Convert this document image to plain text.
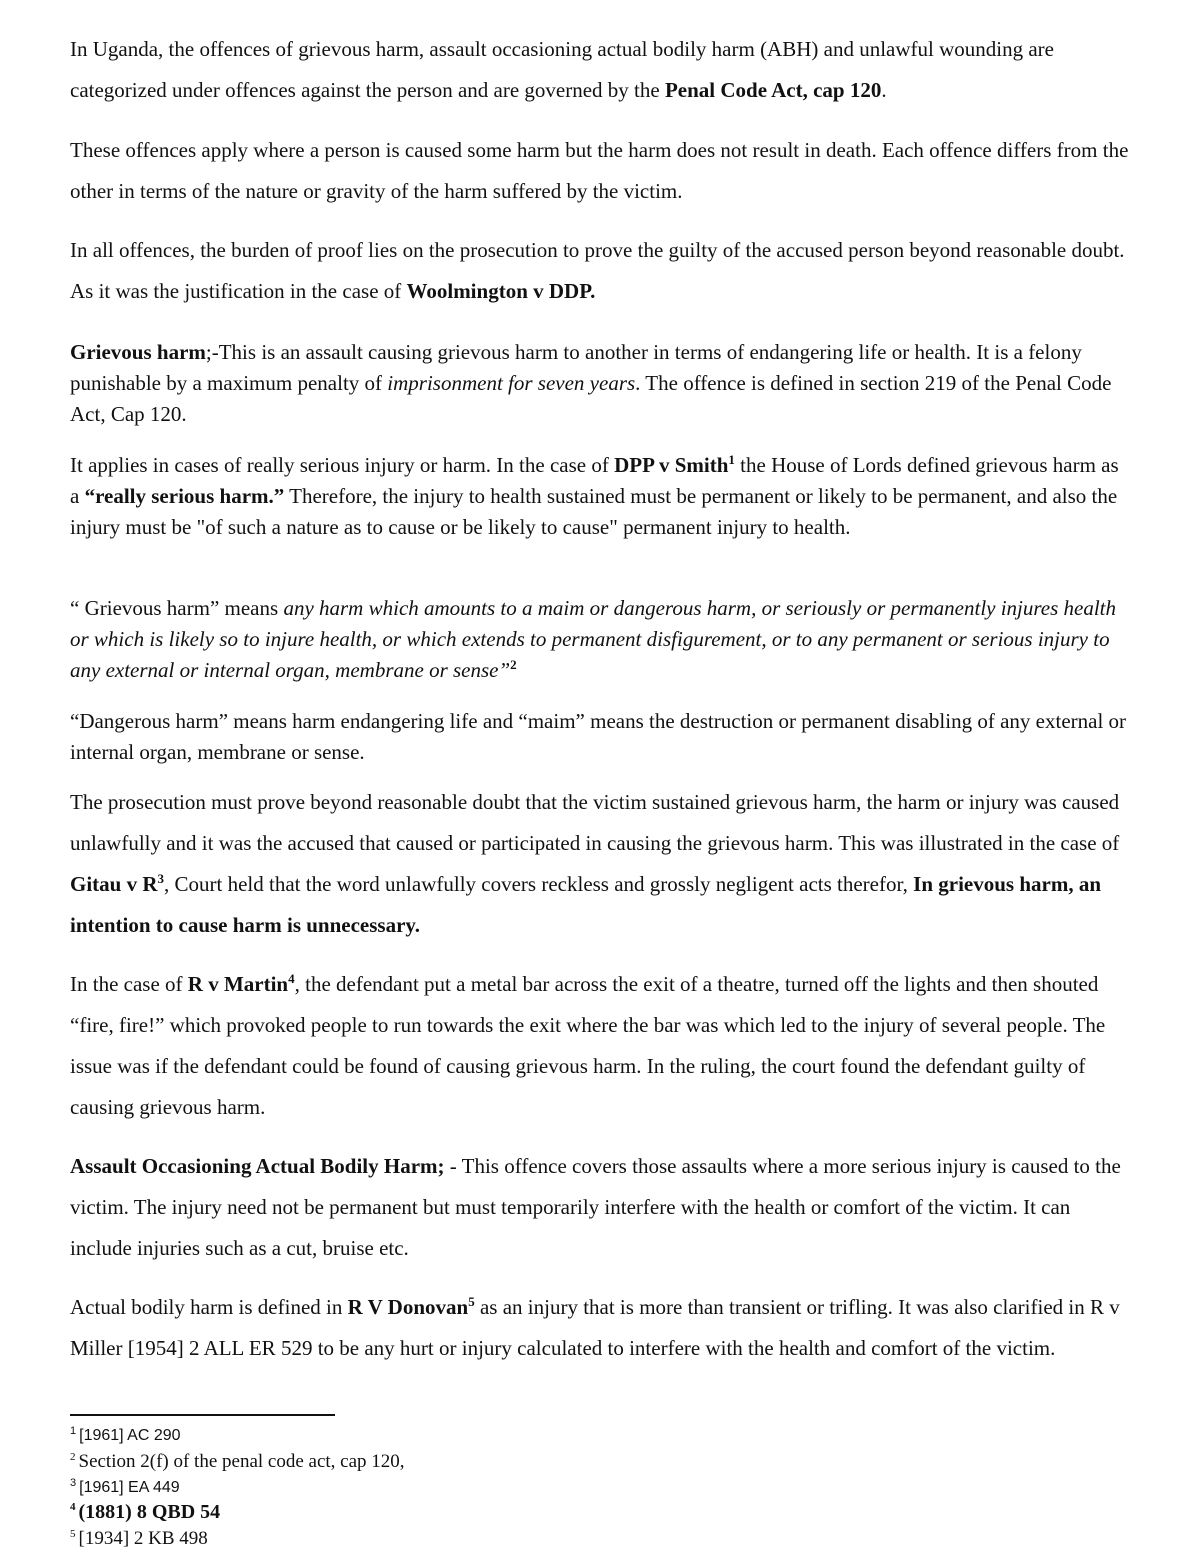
In Uganda, the offences of grievous harm, assault occasioning actual bodily harm (ABH) and unlawful wounding are categorized under offences against the person and are governed by the Penal Code Act, cap 120.

These offences apply where a person is caused some harm but the harm does not result in death. Each offence differs from the other in terms of the nature or gravity of the harm suffered by the victim.

In all offences, the burden of proof lies on the prosecution to prove the guilty of the accused person beyond reasonable doubt. As it was the justification in the case of Woolmington v DDP.

Grievous harm;-This is an assault causing grievous harm to another in terms of endangering life or health. It is a felony punishable by a maximum penalty of imprisonment for seven years. The offence is defined in section 219 of the Penal Code Act, Cap 120.

It applies in cases of really serious injury or harm. In the case of DPP v Smith$^1$ the House of Lords defined grievous harm as a “really serious harm.” Therefore, the injury to health sustained must be permanent or likely to be permanent, and also the injury must be "of such a nature as to cause or be likely to cause" permanent injury to health.

“ Grievous harm” means any harm which amounts to a maim or dangerous harm, or seriously or permanently injures health or which is likely so to injure health, or which extends to permanent disfigurement, or to any permanent or serious injury to any external or internal organ, membrane or sense”$^2$

“Dangerous harm” means harm endangering life and “maim” means the destruction or permanent disabling of any external or internal organ, membrane or sense.

The prosecution must prove beyond reasonable doubt that the victim sustained grievous harm, the harm or injury was caused unlawfully and it was the accused that caused or participated in causing the grievous harm. This was illustrated in the case of Gitau v $R^3$, Court held that the word unlawfully covers reckless and grossly negligent acts therefor, In grievous harm, an intention to cause harm is unnecessary.

In the case of R v Martin$^4$, the defendant put a metal bar across the exit of a theatre, turned off the lights and then shouted “fire, fire!” which provoked people to run towards the exit where the bar was which led to the injury of several people. The issue was if the defendant could be found of causing grievous harm. In the ruling, the court found the defendant guilty of causing grievous harm.

Assault Occasioning Actual Bodily Harm; - This offence covers those assaults where a more serious injury is caused to the victim. The injury need not be permanent but must temporarily interfere with the health or comfort of the victim. It can include injuries such as a cut, bruise etc.

Actual bodily harm is defined in R V Donovan$^5$ as an injury that is more than transient or trifling. It was also clarified in R v Miller [1954] 2 ALL ER 529 to be any hurt or injury calculated to interfere with the health and comfort of the victim.

$^1$ [1961] AC 290
$^2$ Section 2(f) of the penal code act, cap 120,
$^3$ [1961] EA 449
$^4$ (1881) 8 QBD 54
$^5$ [1934] 2 KB 498
